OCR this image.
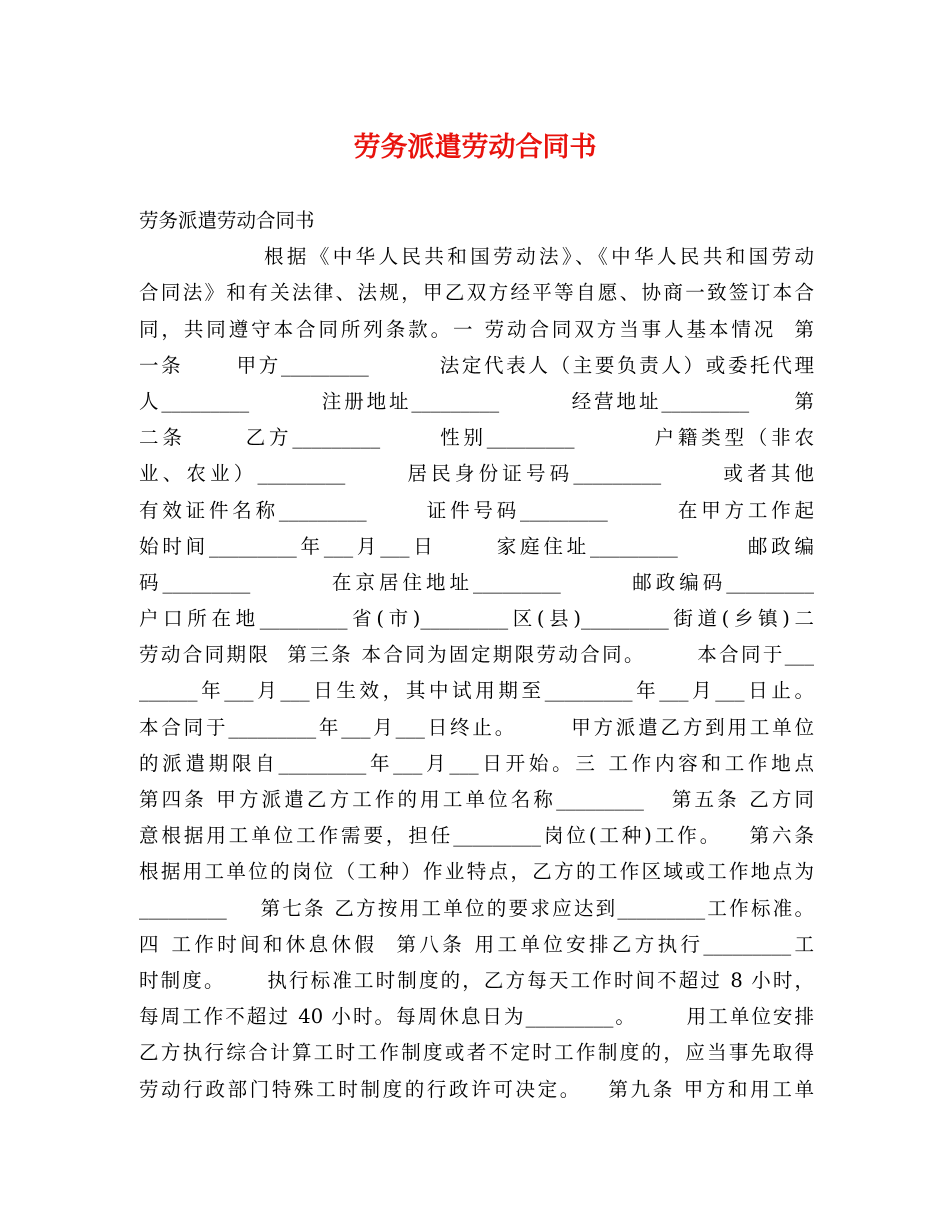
劳务派遣劳动合同书
劳务派遣劳动合同书
根据《中华人民共和国劳动法》、《中华人民共和国劳动
合同法》和有关法律、法规，甲乙双方经平等自愿、协商一致签订本合
同，共同遵守本合同所列条款。一 劳动合同双方当事人基本情况  第
一条      甲方_________        法定代表人（主要负责人）或委托代理
人_________        注册地址_________        经营地址_________     第
二条      乙方_________      性别_________        户籍类型（非农
业、农业）_________      居民身份证号码_________      或者其他
有效证件名称_________      证件号码_________       在甲方工作起
始时间_________年___月___日      家庭住址_________       邮政编
码_________        在京居住地址_________       邮政编码_________
户口所在地_________省(市)_________区(县)_________街道(乡镇)二
劳动合同期限  第三条 本合同为固定期限劳动合同。      本合同于___
______年___月___日生效，其中试用期至_________年___月___日止。
本合同于_________年___月___日终止。      甲方派遣乙方到用工单位
的派遣期限自_________年___月___日开始。三 工作内容和工作地点
第四条 甲方派遣乙方工作的用工单位名称_________   第五条 乙方同
意根据用工单位工作需要，担任_________岗位(工种)工作。   第六条
根据用工单位的岗位（工种）作业特点，乙方的工作区域或工作地点为
_________    第七条 乙方按用工单位的要求应达到_________工作标准。
四 工作时间和休息休假  第八条 用工单位安排乙方执行_________工
时制度。     执行标准工时制度的，乙方每天工作时间不超过 8 小时，
每周工作不超过 40 小时。每周休息日为_________。      用工单位安排
乙方执行综合计算工时工作制度或者不定时工作制度的，应当事先取得
劳动行政部门特殊工时制度的行政许可决定。   第九条 甲方和用工单
